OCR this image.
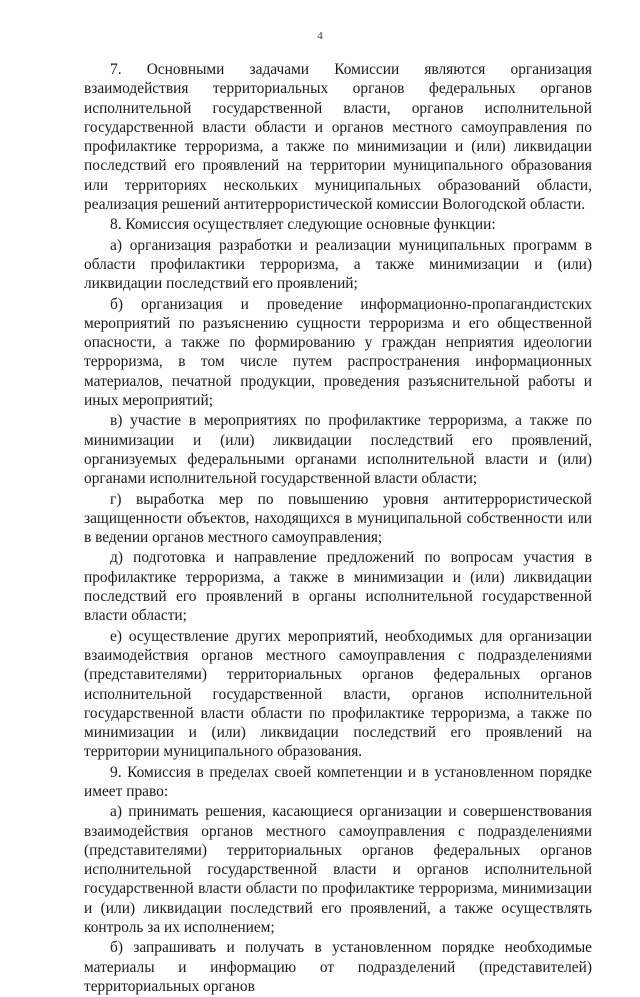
4

7. Основными задачами Комиссии являются организация взаимодействия территориальных органов федеральных органов исполнительной государственной власти, органов исполнительной государственной власти области и органов местного самоуправления по профилактике терроризма, а также по минимизации и (или) ликвидации последствий его проявлений на территории муниципального образования или территориях нескольких муниципальных образований области, реализация решений антитеррористической комиссии Вологодской области.

8. Комиссия осуществляет следующие основные функции:

а) организация разработки и реализации муниципальных программ в области профилактики терроризма, а также минимизации и (или) ликвидации последствий его проявлений;

б) организация и проведение информационно-пропагандистских мероприятий по разъяснению сущности терроризма и его общественной опасности, а также по формированию у граждан неприятия идеологии терроризма, в том числе путем распространения информационных материалов, печатной продукции, проведения разъяснительной работы и иных мероприятий;

в) участие в мероприятиях по профилактике терроризма, а также по минимизации и (или) ликвидации последствий его проявлений, организуемых федеральными органами исполнительной власти и (или) органами исполнительной государственной власти области;

г) выработка мер по повышению уровня антитеррористической защищенности объектов, находящихся в муниципальной собственности или в ведении органов местного самоуправления;

д) подготовка и направление предложений по вопросам участия в профилактике терроризма, а также в минимизации и (или) ликвидации последствий его проявлений в органы исполнительной государственной власти области;

е) осуществление других мероприятий, необходимых для организации взаимодействия органов местного самоуправления с подразделениями (представителями) территориальных органов федеральных органов исполнительной государственной власти, органов исполнительной государственной власти области по профилактике терроризма, а также по минимизации и (или) ликвидации последствий его проявлений на территории муниципального образования.

9. Комиссия в пределах своей компетенции и в установленном порядке имеет право:

а) принимать решения, касающиеся организации и совершенствования взаимодействия органов местного самоуправления с подразделениями (представителями) территориальных органов федеральных органов исполнительной государственной власти и органов исполнительной государственной власти области по профилактике терроризма, минимизации и (или) ликвидации последствий его проявлений, а также осуществлять контроль за их исполнением;

б) запрашивать и получать в установленном порядке необходимые материалы и информацию от подразделений (представителей) территориальных органов
